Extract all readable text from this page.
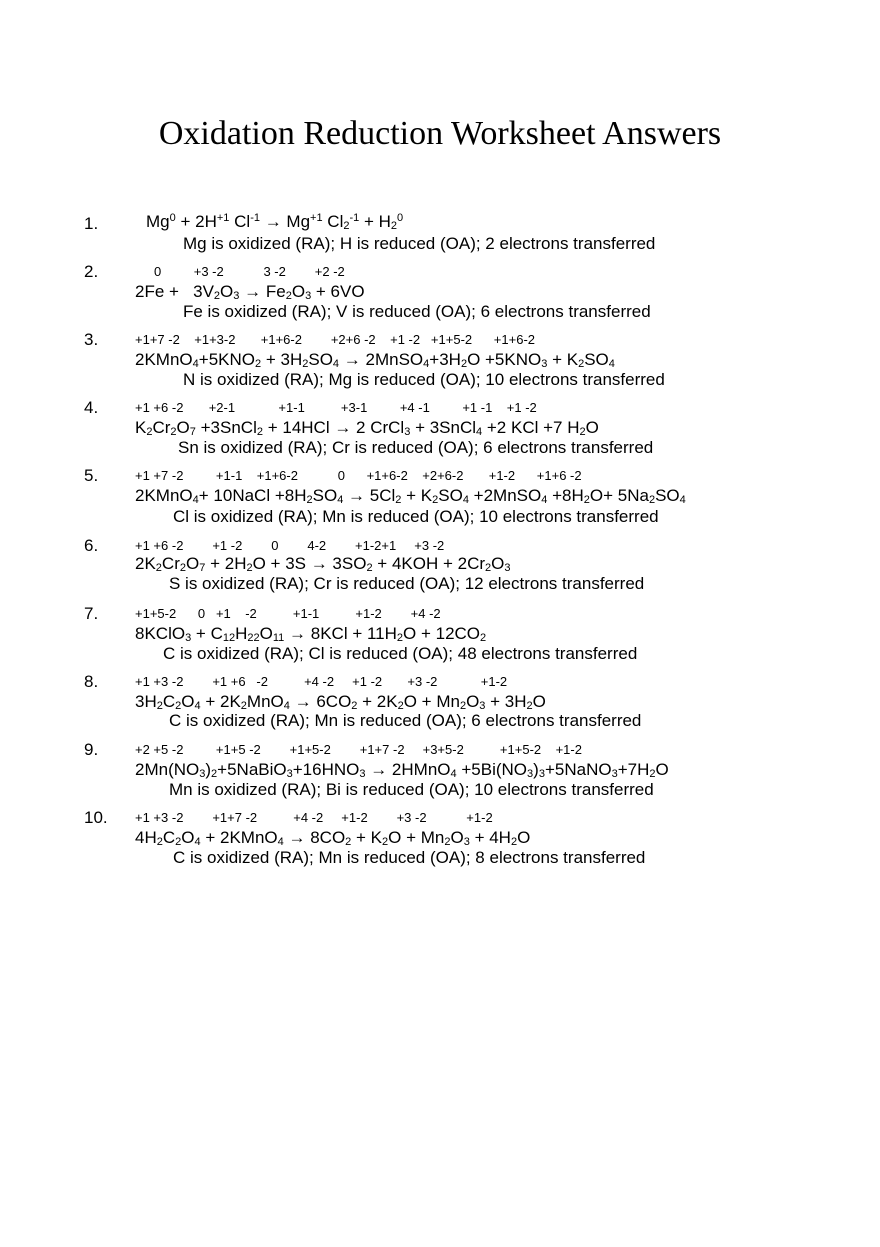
Oxidation Reduction Worksheet Answers
1.	$Mg^0 + 2H^{+1}$ $Cl^{-1} \to Mg^{+1}$ $Cl_2^{-1} + H_2^0$
Mg is oxidized (RA); H is reduced (OA); 2 electrons transferred
2.	0         +3 -2           3 -2        +2 -2
$2Fe + 3V_2O_3 \to Fe_2O_3 + 6VO$
Fe is oxidized (RA); V is reduced (OA); 6 electrons transferred
3.	+1+7 -2    +1+3-2       +1+6-2        +2+6 -2    +1 -2   +1+5-2      +1+6-2
$2KMnO_4+5KNO_2 + 3H_2SO_4$ → $2MnSO_4+3H_2O +5KNO_3 + K_2SO_4$
N is oxidized (RA); Mg is reduced (OA); 10 electrons transferred
4.	+1 +6 -2       +2-1            +1-1          +3-1         +4 -1         +1 -1    +1 -2
$K_2Cr_2O_7$ +3SnCl$_2$ + 14HCl → 2 CrCl$_3$ + 3SnCl$_4$ +2 KCl +7 $H_2O$
Sn is oxidized (RA); Cr is reduced (OA); 6 electrons transferred
5.	+1 +7 -2         +1-1    +1+6-2           0      +1+6-2    +2+6-2       +1-2      +1+6 -2
2KMnO$_4$+ 10NaCl $+8H_2SO_4 \to 5Cl_2 + K_2SO_4$ +2MnSO$_4$ $+8H_2O+ 5Na_2SO_4$
Cl is oxidized (RA); Mn is reduced (OA); 10 electrons transferred
6.	+1 +6 -2        +1 -2        0        4-2        +1-2+1     +3 -2
$2K_2Cr_2O_7 + 2H_2O + 3S \to 3SO_2 + 4KOH + 2Cr_2O_3$
S is oxidized (RA); Cr is reduced (OA); 12 electrons transferred
7.	+1+5-2      0   +1    -2          +1-1          +1-2        +4 -2
8KClO$_3$ + $C_{12}H_{22}O_{11} \to 8KCl + 11H_2O + 12CO_2$
C is oxidized (RA); Cl is reduced (OA); 48 electrons transferred
8.	+1 +3 -2        +1 +6   -2          +4 -2     +1 -2       +3 -2            +1-2
$3H_2C_2O_4 + 2K_2MnO_4 \to 6CO_2 + 2K_2O + Mn_2O_3 + 3H_2O$
C is oxidized (RA); Mn is reduced (OA); 6 electrons transferred
9.	+2 +5 -2         +1+5 -2        +1+5-2        +1+7 -2     +3+5-2          +1+5-2    +1-2
$2Mn(NO_3)_2+5NaBiO_3+16HNO_3$ → 2HMnO$_4$ $+5Bi(NO_3)_3+5NaNO_3+7H_2O$
Mn is oxidized (RA); Bi is reduced (OA); 10 electrons transferred
10. +1 +3 -2        +1+7 -2          +4 -2     +1-2        +3 -2           +1-2
$4H_2C_2O_4$ + 2KMnO$_4$ → $8CO_2 + K_2O + Mn_2O_3 + 4H_2O$
C is oxidized (RA); Mn is reduced (OA); 8 electrons transferred
